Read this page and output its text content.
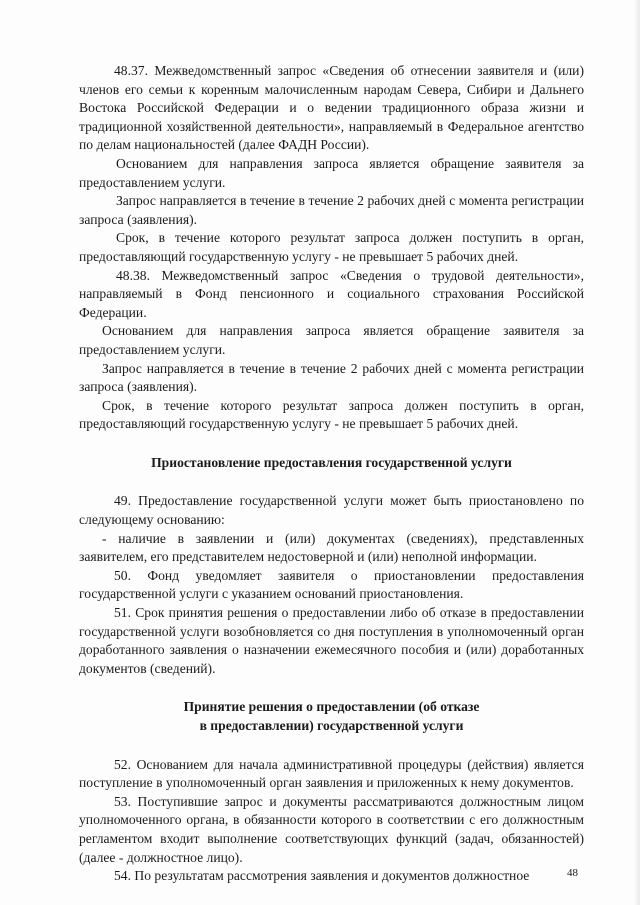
48.37. Межведомственный запрос «Сведения об отнесении заявителя и (или) членов его семьи к коренным малочисленным народам Севера, Сибири и Дальнего Востока Российской Федерации и о ведении традиционного образа жизни и традиционной хозяйственной деятельности», направляемый в Федеральное агентство по делам национальностей (далее ФАДН России).

Основанием для направления запроса является обращение заявителя за предоставлением услуги.

Запрос направляется в течение в течение 2 рабочих дней с момента регистрации запроса (заявления).

Срок, в течение которого результат запроса должен поступить в орган, предоставляющий государственную услугу - не превышает 5 рабочих дней.

48.38. Межведомственный запрос «Сведения о трудовой деятельности», направляемый в Фонд пенсионного и социального страхования Российской Федерации.

Основанием для направления запроса является обращение заявителя за предоставлением услуги.

Запрос направляется в течение в течение 2 рабочих дней с момента регистрации запроса (заявления).

Срок, в течение которого результат запроса должен поступить в орган, предоставляющий государственную услугу - не превышает 5 рабочих дней.

Приостановление предоставления государственной услуги

49. Предоставление государственной услуги может быть приостановлено по следующему основанию:

- наличие в заявлении и (или) документах (сведениях), представленных заявителем, его представителем недостоверной и (или) неполной информации.

50. Фонд уведомляет заявителя о приостановлении предоставления государственной услуги с указанием оснований приостановления.

51. Срок принятия решения о предоставлении либо об отказе в предоставлении государственной услуги возобновляется со дня поступления в уполномоченный орган доработанного заявления о назначении ежемесячного пособия и (или) доработанных документов (сведений).

Принятие решения о предоставлении (об отказе
в предоставлении) государственной услуги

52. Основанием для начала административной процедуры (действия) является поступление в уполномоченный орган заявления и приложенных к нему документов.

53. Поступившие запрос и документы рассматриваются должностным лицом уполномоченного органа, в обязанности которого в соответствии с его должностным регламентом входит выполнение соответствующих функций (задач, обязанностей) (далее - должностное лицо).

54. По результатам рассмотрения заявления и документов должностное	48
